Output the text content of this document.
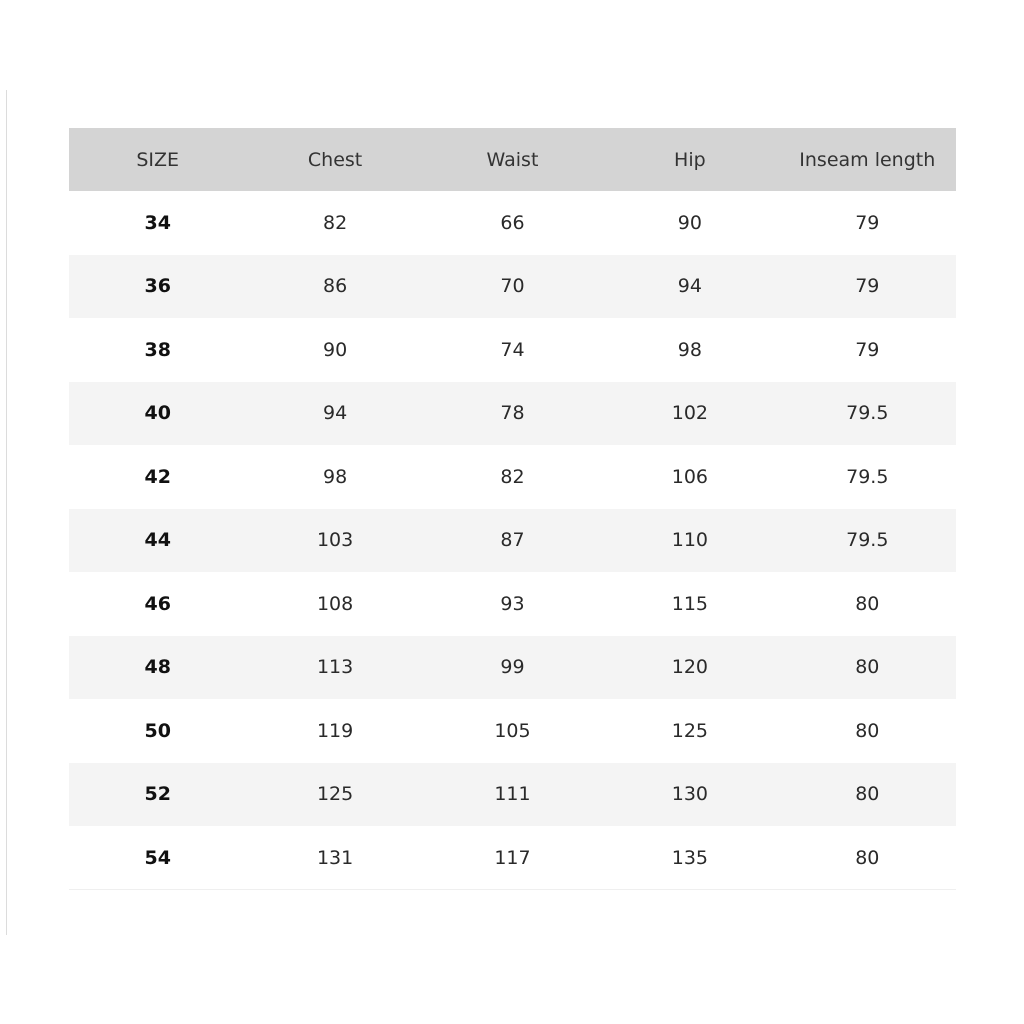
SIZE	Chest	Waist	Hip	Inseam length
34	82	66	90	79
36	86	70	94	79
38	90	74	98	79
40	94	78	102	79.5
42	98	82	106	79.5
44	103	87	110	79.5
46	108	93	115	80
48	113	99	120	80
50	119	105	125	80
52	125	111	130	80
54	131	117	135	80
